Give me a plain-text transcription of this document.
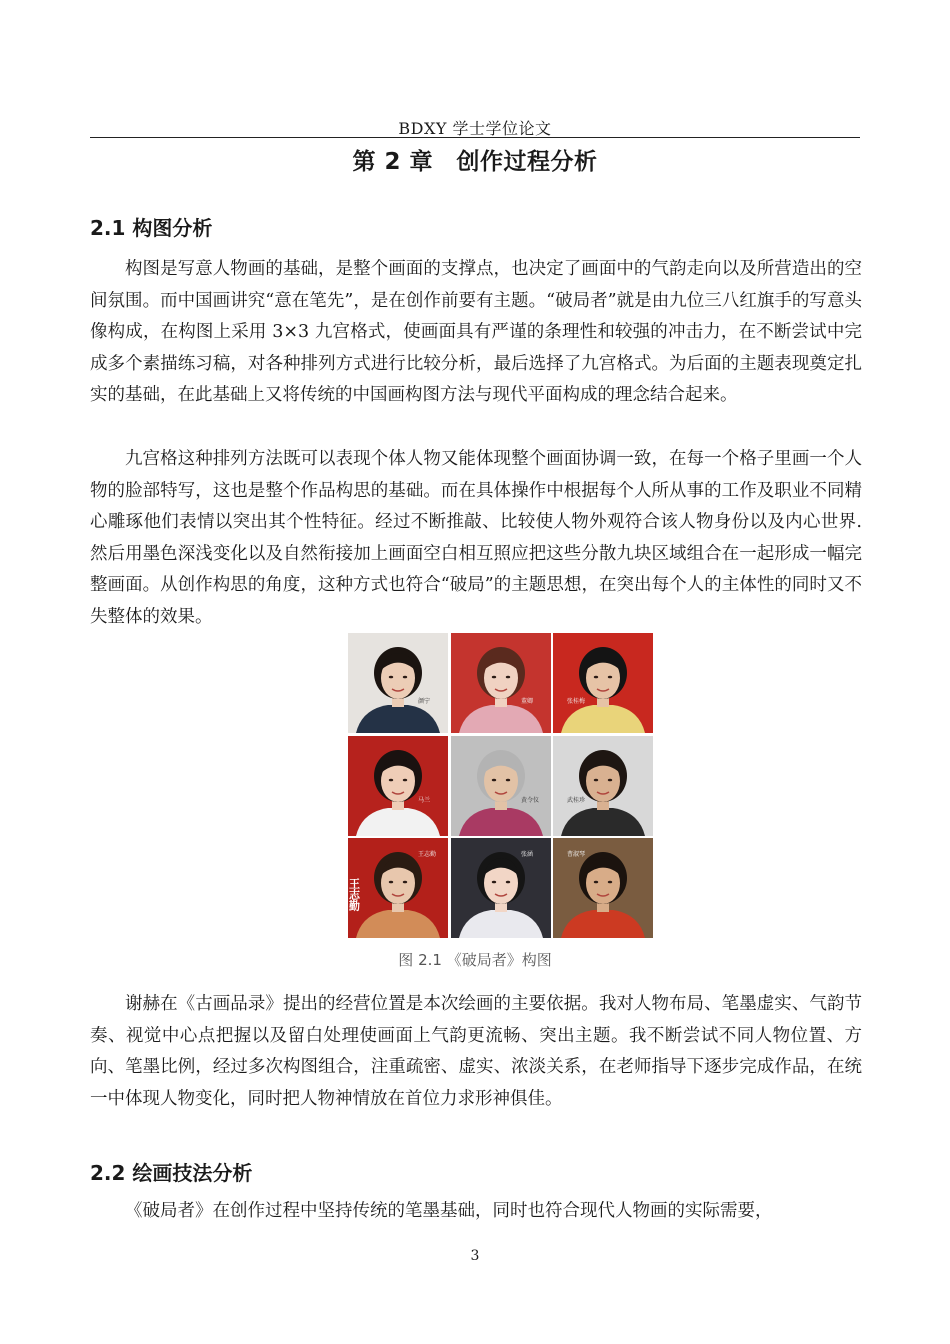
BDXY 学士学位论文
第 2 章　创作过程分析
2.1 构图分析

构图是写意人物画的基础，是整个画面的支撑点，也决定了画面中的气韵走向以及所营造出的空间氛围。而中国画讲究“意在笔先”，是在创作前要有主题。“破局者”就是由九位三八红旗手的写意头像构成，在构图上采用 3×3 九宫格式，使画面具有严谨的条理性和较强的冲击力，在不断尝试中完成多个素描练习稿，对各种排列方式进行比较分析，最后选择了九宫格式。为后面的主题表现奠定扎实的基础，在此基础上又将传统的中国画构图方法与现代平面构成的理念结合起来。

九宫格这种排列方法既可以表现个体人物又能体现整个画面协调一致，在每一个格子里画一个人物的脸部特写，这也是整个作品构思的基础。而在具体操作中根据每个人所从事的工作及职业不同精心雕琢他们表情以突出其个性特征。经过不断推敲、比较使人物外观符合该人物身份以及内心世界.然后用墨色深浅变化以及自然衔接加上画面空白相互照应把这些分散九块区域组合在一起形成一幅完整画面。从创作构思的角度，这种方式也符合“破局”的主题思想，在突出每个人的主体性的同时又不失整体的效果。

颜宁	董卿	张桂梅
马兰	黄令仪	武桂珍
王志勤
王志勤
张涵	曹淑琴
图 2.1 《破局者》构图

谢赫在《古画品录》提出的经营位置是本次绘画的主要依据。我对人物布局、笔墨虚实、气韵节奏、视觉中心点把握以及留白处理使画面上气韵更流畅、突出主题。我不断尝试不同人物位置、方向、笔墨比例，经过多次构图组合，注重疏密、虚实、浓淡关系，在老师指导下逐步完成作品，在统一中体现人物变化，同时把人物神情放在首位力求形神俱佳。

2.2 绘画技法分析

《破局者》在创作过程中坚持传统的笔墨基础，同时也符合现代人物画的实际需要，

3
